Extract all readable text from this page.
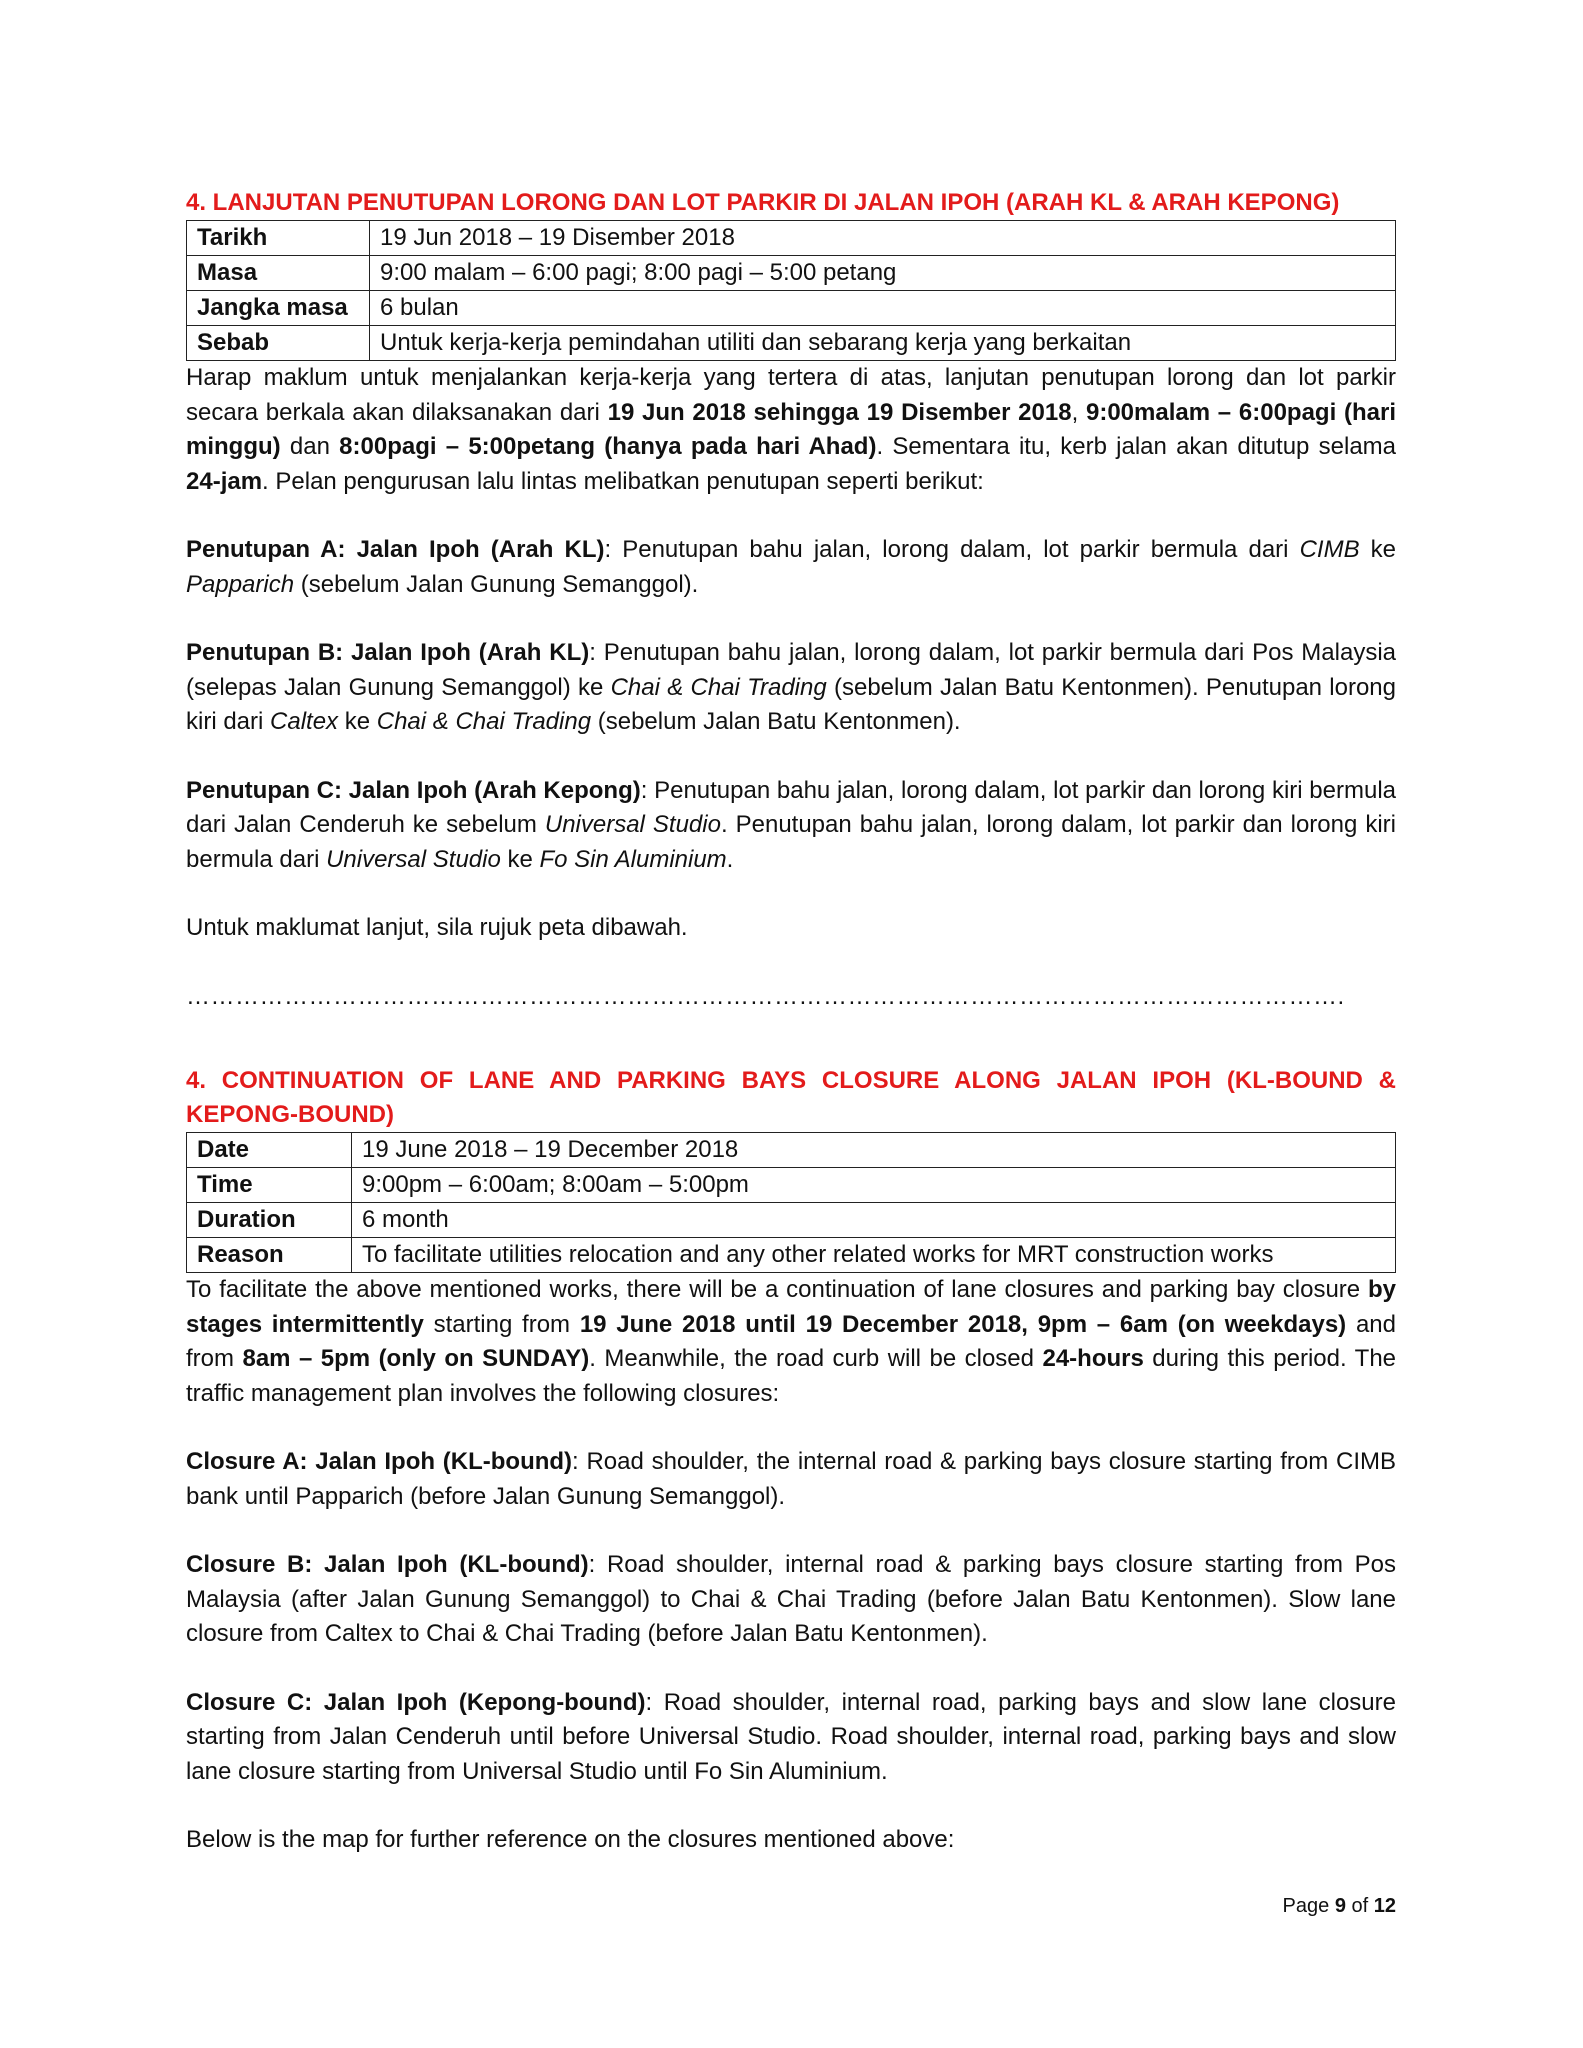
4. LANJUTAN PENUTUPAN LORONG DAN LOT PARKIR DI JALAN IPOH (ARAH KL & ARAH KEPONG)
Tarikh	19 Jun 2018 – 19 Disember 2018
Masa	9:00 malam – 6:00 pagi; 8:00 pagi – 5:00 petang
Jangka masa	6 bulan
Sebab	Untuk kerja-kerja pemindahan utiliti dan sebarang kerja yang berkaitan

Harap maklum untuk menjalankan kerja-kerja yang tertera di atas, lanjutan penutupan lorong dan lot parkir secara berkala akan dilaksanakan dari 19 Jun 2018 sehingga 19 Disember 2018, 9:00malam – 6:00pagi (hari minggu) dan 8:00pagi – 5:00petang (hanya pada hari Ahad). Sementara itu, kerb jalan akan ditutup selama 24-jam. Pelan pengurusan lalu lintas melibatkan penutupan seperti berikut:

Penutupan A: Jalan Ipoh (Arah KL): Penutupan bahu jalan, lorong dalam, lot parkir bermula dari CIMB ke Papparich (sebelum Jalan Gunung Semanggol).

Penutupan B: Jalan Ipoh (Arah KL): Penutupan bahu jalan, lorong dalam, lot parkir bermula dari Pos Malaysia (selepas Jalan Gunung Semanggol) ke Chai & Chai Trading (sebelum Jalan Batu Kentonmen). Penutupan lorong kiri dari Caltex ke Chai & Chai Trading (sebelum Jalan Batu Kentonmen).

Penutupan C: Jalan Ipoh (Arah Kepong): Penutupan bahu jalan, lorong dalam, lot parkir dan lorong kiri bermula dari Jalan Cenderuh ke sebelum Universal Studio. Penutupan bahu jalan, lorong dalam, lot parkir dan lorong kiri bermula dari Universal Studio ke Fo Sin Aluminium.

Untuk maklumat lanjut, sila rujuk peta dibawah.

…………………………………………………………………………………………………………………………….
4. CONTINUATION OF LANE AND PARKING BAYS CLOSURE ALONG JALAN IPOH (KL-BOUND & KEPONG-BOUND)
Date	19 June 2018 – 19 December 2018
Time	9:00pm – 6:00am; 8:00am – 5:00pm
Duration	6 month
Reason	To facilitate utilities relocation and any other related works for MRT construction works

To facilitate the above mentioned works, there will be a continuation of lane closures and parking bay closure by stages intermittently starting from 19 June 2018 until 19 December 2018, 9pm – 6am (on weekdays) and from 8am – 5pm (only on SUNDAY). Meanwhile, the road curb will be closed 24-hours during this period. The traffic management plan involves the following closures:

Closure A: Jalan Ipoh (KL-bound): Road shoulder, the internal road & parking bays closure starting from CIMB bank until Papparich (before Jalan Gunung Semanggol).

Closure B: Jalan Ipoh (KL-bound): Road shoulder, internal road & parking bays closure starting from Pos Malaysia (after Jalan Gunung Semanggol) to Chai & Chai Trading (before Jalan Batu Kentonmen). Slow lane closure from Caltex to Chai & Chai Trading (before Jalan Batu Kentonmen).

Closure C: Jalan Ipoh (Kepong-bound): Road shoulder, internal road, parking bays and slow lane closure starting from Jalan Cenderuh until before Universal Studio. Road shoulder, internal road, parking bays and slow lane closure starting from Universal Studio until Fo Sin Aluminium.

Below is the map for further reference on the closures mentioned above:

Page 9 of 12
